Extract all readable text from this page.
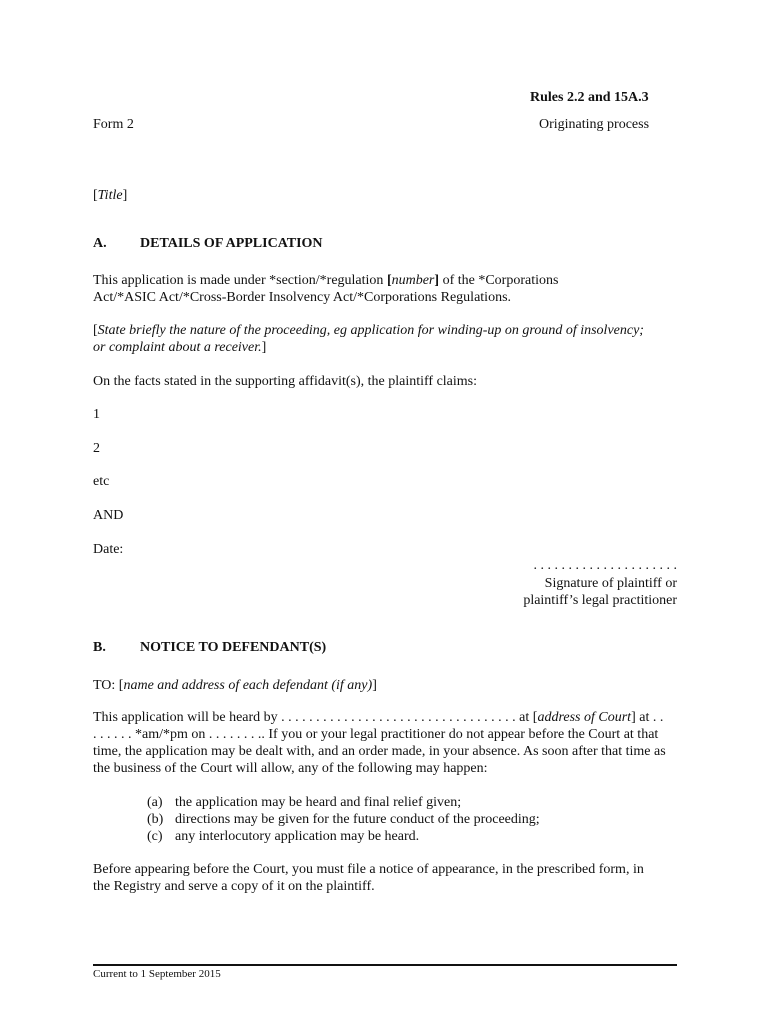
Rules 2.2 and 15A.3
Form 2	Originating process
[Title]
A. DETAILS OF APPLICATION
This application is made under *section/*regulation [number] of the *Corporations
Act/*ASIC Act/*Cross-Border Insolvency Act/*Corporations Regulations.
[State briefly the nature of the proceeding, eg application for winding-up on ground of insolvency; or complaint about a receiver.]
On the facts stated in the supporting affidavit(s), the plaintiff claims:
1
2
etc
AND
Date:
. . . . . . . . . . . . . . . . . . . . .
Signature of plaintiff or
plaintiff’s legal practitioner
B. NOTICE TO DEFENDANT(S)
TO: [name and address of each defendant (if any)]
This application will be heard by . . . . . . . . . . . . . . . . . . . . . . . . . . . . . . . . . . at [address of Court] at . . . . . . . . *am/*pm on . . . . . . . .. If you or your legal practitioner do not appear before the Court at that time, the application may be dealt with, and an order made, in your absence. As soon after that time as the business of the Court will allow, any of the following may happen:
(a) the application may be heard and final relief given;
(b) directions may be given for the future conduct of the proceeding;
(c) any interlocutory application may be heard.
Before appearing before the Court, you must file a notice of appearance, in the prescribed form, in the Registry and serve a copy of it on the plaintiff.
Current to 1 September 2015
